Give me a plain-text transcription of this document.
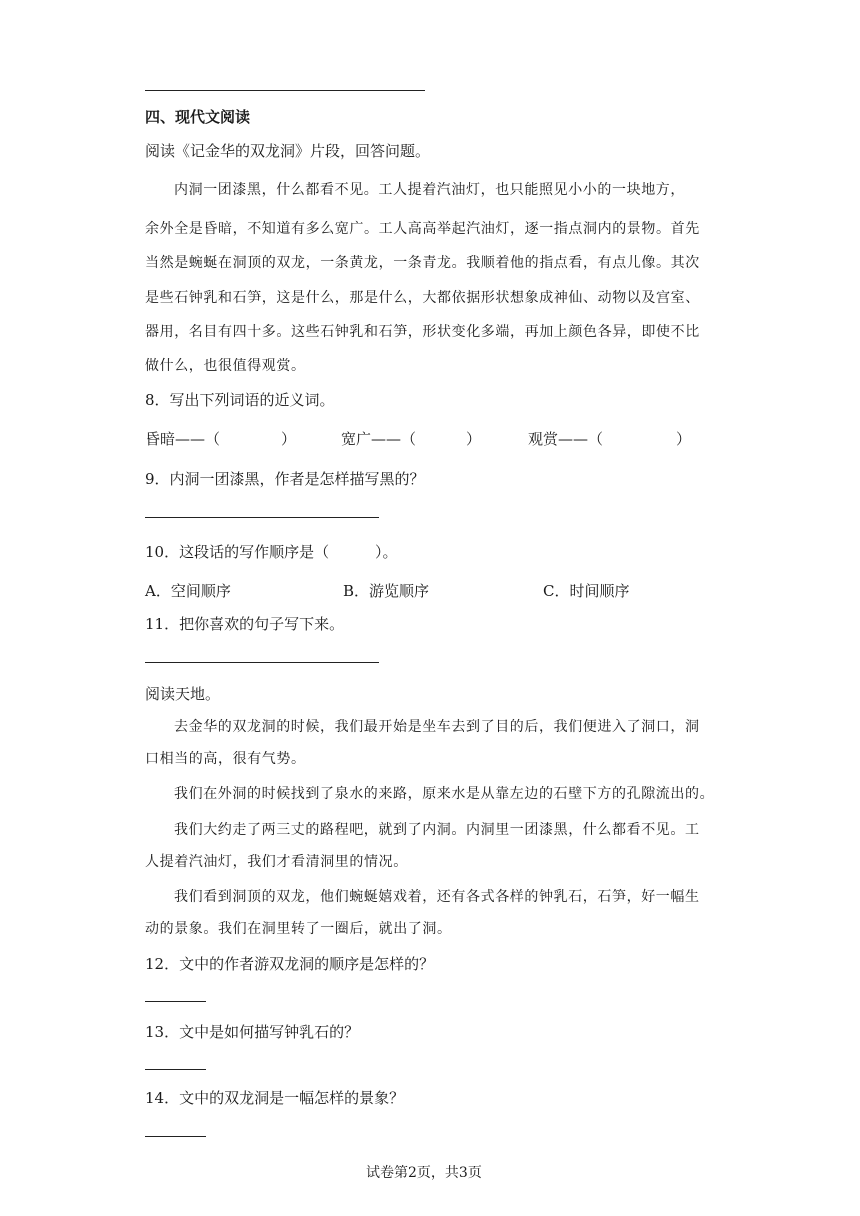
四、现代文阅读
阅读《记金华的双龙洞》片段，回答问题。
内洞一团漆黑，什么都看不见。工人提着汽油灯，也只能照见小小的一块地方，
余外全是昏暗，不知道有多么宽广。工人高高举起汽油灯，逐一指点洞内的景物。首先
当然是蜿蜒在洞顶的双龙，一条黄龙，一条青龙。我顺着他的指点看，有点儿像。其次
是些石钟乳和石笋，这是什么，那是什么，大都依据形状想象成神仙、动物以及宫室、
器用，名目有四十多。这些石钟乳和石笋，形状变化多端，再加上颜色各异，即使不比
做什么，也很值得观赏。
8．写出下列词语的近义词。
昏暗——（	）	宽广——（	）	观赏——（	）
9．内洞一团漆黑，作者是怎样描写黑的？
10．这段话的写作顺序是（	）。
A．空间顺序	B．游览顺序	C．时间顺序
11．把你喜欢的句子写下来。
阅读天地。
去金华的双龙洞的时候，我们最开始是坐车去到了目的后，我们便进入了洞口，洞
口相当的高，很有气势。
我们在外洞的时候找到了泉水的来路，原来水是从靠左边的石壁下方的孔隙流出的。
我们大约走了两三丈的路程吧，就到了内洞。内洞里一团漆黑，什么都看不见。工
人提着汽油灯，我们才看清洞里的情况。
我们看到洞顶的双龙，他们蜿蜒嬉戏着，还有各式各样的钟乳石，石笋，好一幅生
动的景象。我们在洞里转了一圈后，就出了洞。
12．文中的作者游双龙洞的顺序是怎样的？
13．文中是如何描写钟乳石的？
14．文中的双龙洞是一幅怎样的景象？
试卷第2页，共3页
